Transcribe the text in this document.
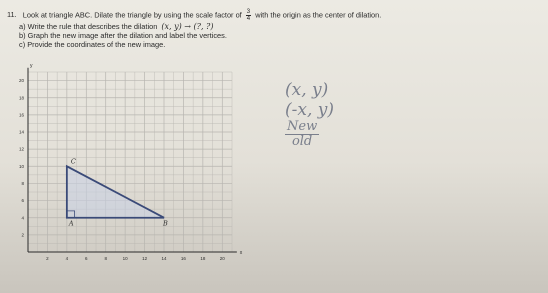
11. Look at triangle ABC. Dilate the triangle by using the scale factor of $\frac{3}{4}$ with the origin as the center of dilation.
a) Write the rule that describes the dilation (x, y) → (?, ?)
b) Graph the new image after the dilation and label the vertices.
c) Provide the coordinates of the new image.
x
y
2	4	6	8	10	12	14	16	18	20
20
18
16
14
12
10
8
6
4
2
A	B
C
(x, y)
(-x, y)
New
old
